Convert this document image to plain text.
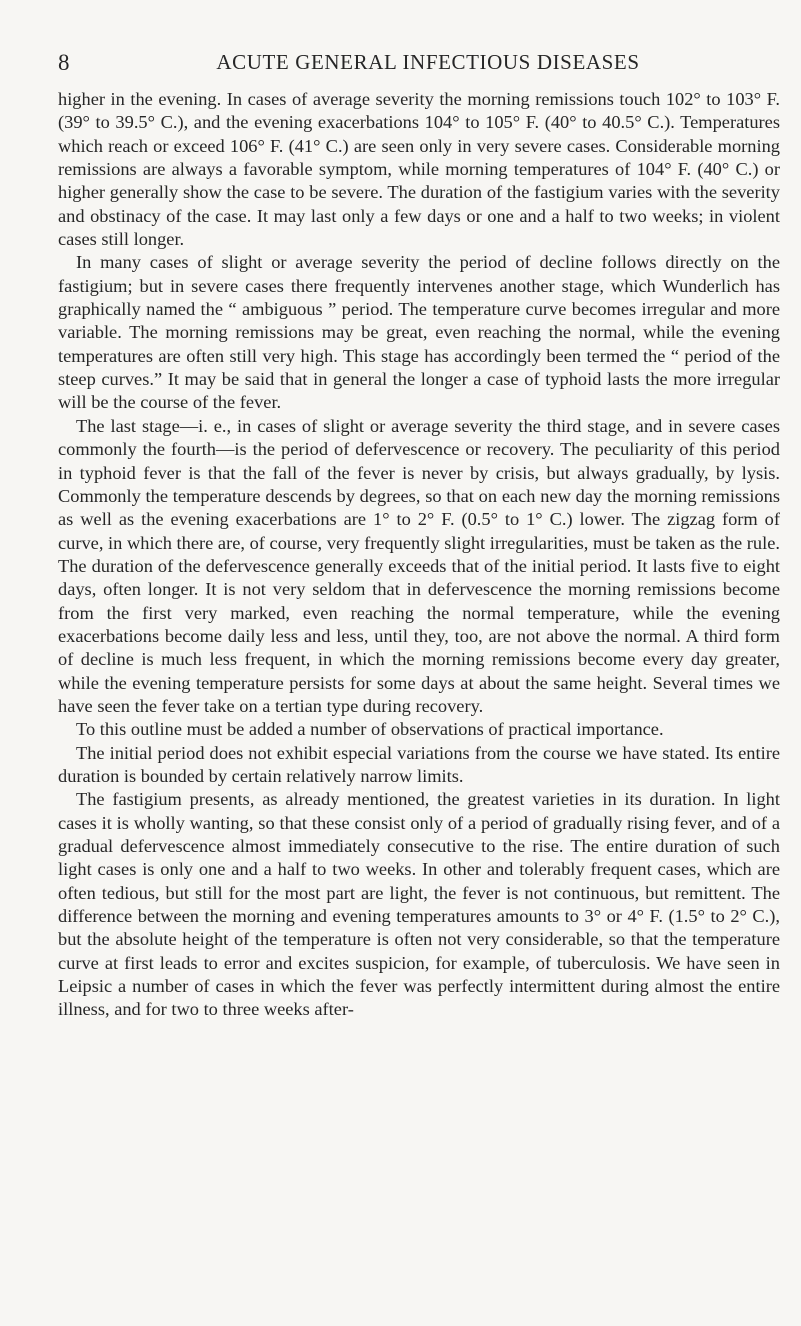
8	ACUTE GENERAL INFECTIOUS DISEASES

higher in the evening. In cases of average severity the morning remissions touch 102° to 103° F. (39° to 39.5° C.), and the evening exacerbations 104° to 105° F. (40° to 40.5° C.). Temperatures which reach or exceed 106° F. (41° C.) are seen only in very severe cases. Considerable morning remissions are always a favorable symptom, while morning temperatures of 104° F. (40° C.) or higher generally show the case to be severe. The duration of the fastigium varies with the severity and obstinacy of the case. It may last only a few days or one and a half to two weeks; in violent cases still longer.

In many cases of slight or average severity the period of decline follows directly on the fastigium; but in severe cases there frequently intervenes another stage, which Wunderlich has graphically named the “ ambiguous ” period. The temperature curve becomes irregular and more variable. The morning remissions may be great, even reaching the normal, while the evening temperatures are often still very high. This stage has accordingly been termed the “ period of the steep curves.” It may be said that in general the longer a case of typhoid lasts the more irregular will be the course of the fever.

The last stage—i. e., in cases of slight or average severity the third stage, and in severe cases commonly the fourth—is the period of defervescence or recovery. The peculiarity of this period in typhoid fever is that the fall of the fever is never by crisis, but always gradually, by lysis. Commonly the temperature descends by degrees, so that on each new day the morning remissions as well as the evening exacerbations are 1° to 2° F. (0.5° to 1° C.) lower. The zigzag form of curve, in which there are, of course, very frequently slight irregularities, must be taken as the rule. The duration of the defervescence generally exceeds that of the initial period. It lasts five to eight days, often longer. It is not very seldom that in defervescence the morning remissions become from the first very marked, even reaching the normal temperature, while the evening exacerbations become daily less and less, until they, too, are not above the normal. A third form of decline is much less frequent, in which the morning remissions become every day greater, while the evening temperature persists for some days at about the same height. Several times we have seen the fever take on a tertian type during recovery.

To this outline must be added a number of observations of practical importance.

The initial period does not exhibit especial variations from the course we have stated. Its entire duration is bounded by certain relatively narrow limits.

The fastigium presents, as already mentioned, the greatest varieties in its duration. In light cases it is wholly wanting, so that these consist only of a period of gradually rising fever, and of a gradual defervescence almost immediately consecutive to the rise. The entire duration of such light cases is only one and a half to two weeks. In other and tolerably frequent cases, which are often tedious, but still for the most part are light, the fever is not continuous, but remittent. The difference between the morning and evening temperatures amounts to 3° or 4° F. (1.5° to 2° C.), but the absolute height of the temperature is often not very considerable, so that the temperature curve at first leads to error and excites suspicion, for example, of tuberculosis. We have seen in Leipsic a number of cases in which the fever was perfectly intermittent during almost the entire illness, and for two to three weeks after-
